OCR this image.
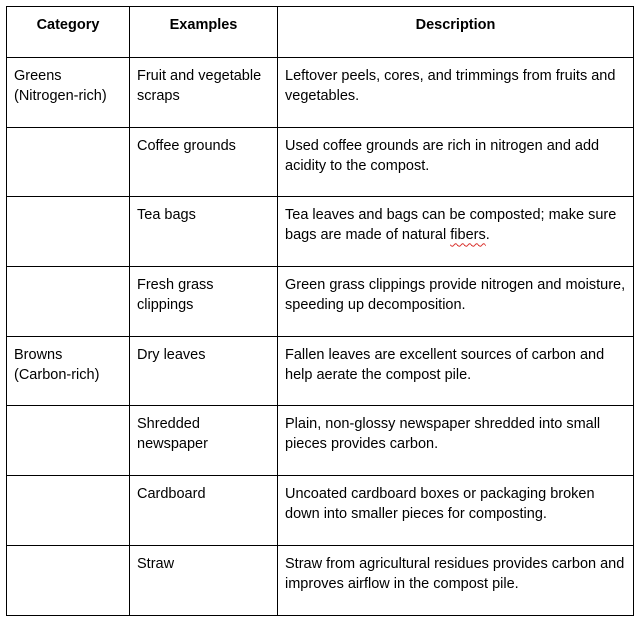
Category	Examples	Description
Greens (Nitrogen-rich)	Fruit and vegetable scraps	Leftover peels, cores, and trimmings from fruits and vegetables.
	Coffee grounds	Used coffee grounds are rich in nitrogen and add acidity to the compost.
	Tea bags	Tea leaves and bags can be composted; make sure bags are made of natural fibers.
	Fresh grass clippings	Green grass clippings provide nitrogen and moisture, speeding up decomposition.
Browns (Carbon-rich)	Dry leaves	Fallen leaves are excellent sources of carbon and help aerate the compost pile.
	Shredded newspaper	Plain, non-glossy newspaper shredded into small pieces provides carbon.
	Cardboard	Uncoated cardboard boxes or packaging broken down into smaller pieces for composting.
	Straw	Straw from agricultural residues provides carbon and improves airflow in the compost pile.
